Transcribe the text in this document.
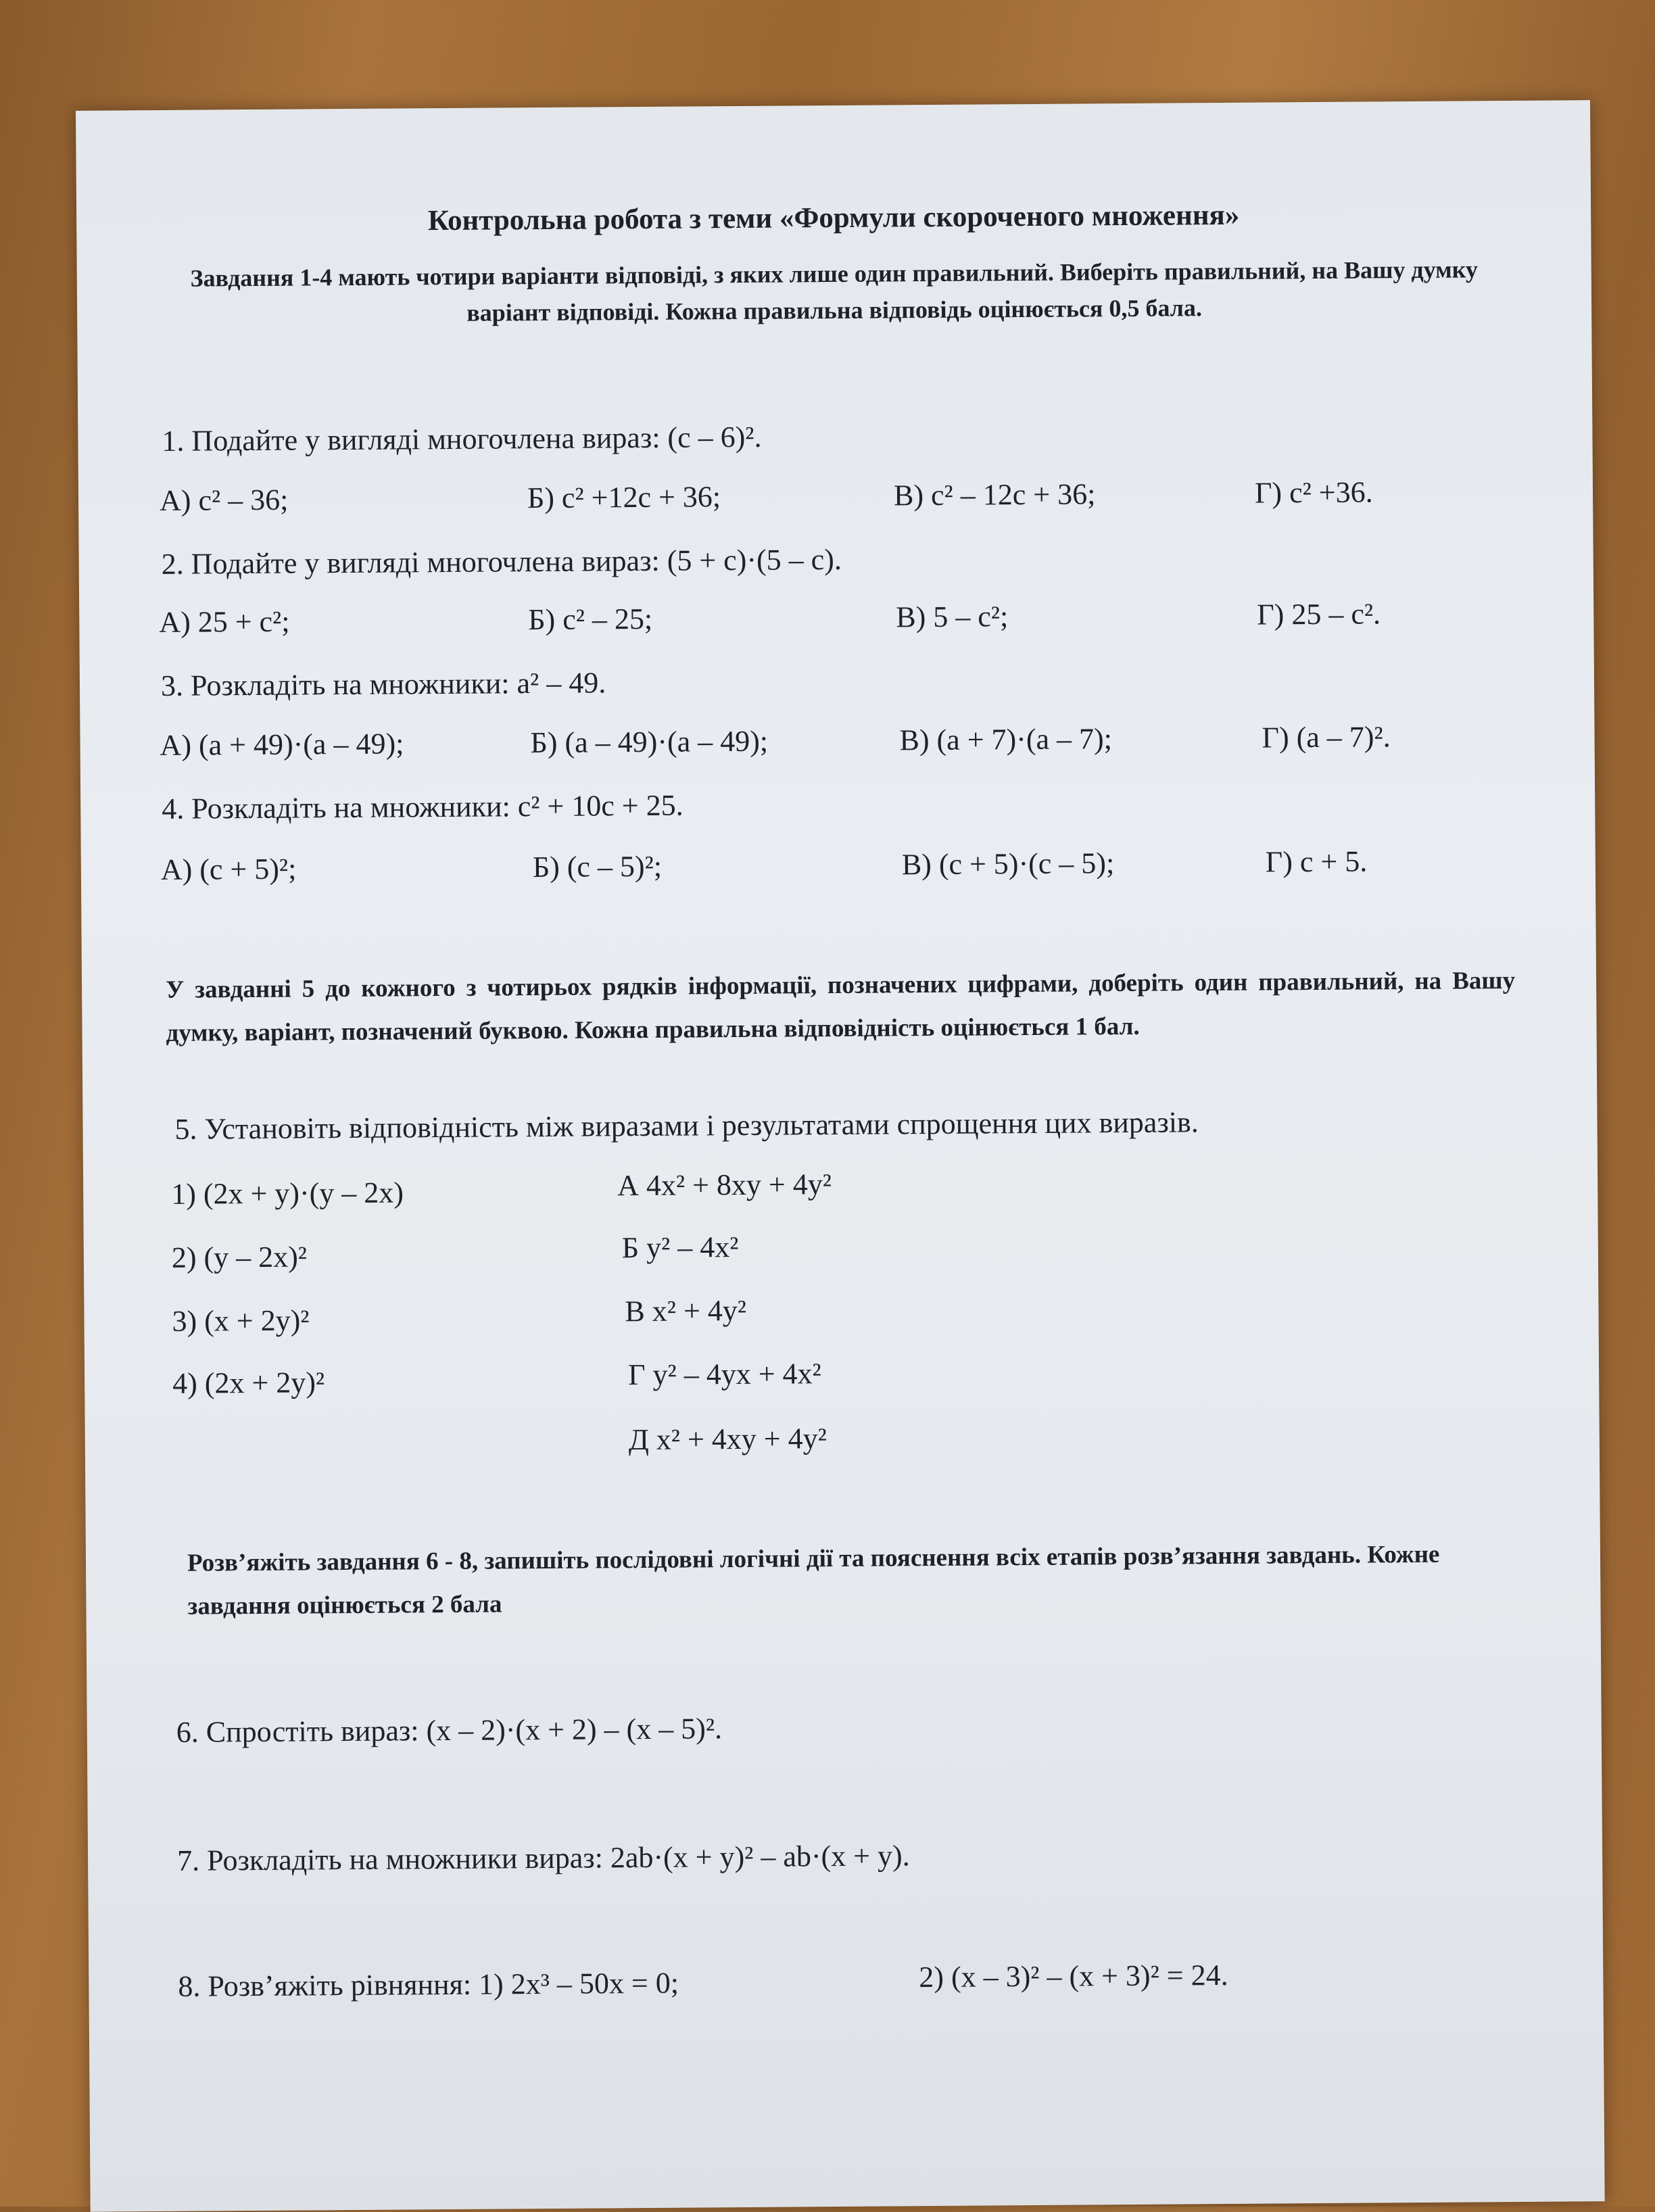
Контрольна робота з теми «Формули скороченого множення»
Завдання 1-4 мають чотири варіанти відповіді, з яких лише один правильний. Виберіть правильний, на Вашу думку варіант відповіді. Кожна правильна відповідь оцінюється 0,5 бала.
1. Подайте у вигляді многочлена вираз: (c – 6)².
А) c² – 36;	Б) c² +12c + 36;	В) c² – 12c + 36;	Г) c² +36.
2. Подайте у вигляді многочлена вираз: (5 + c)·(5 – c).
А) 25 + c²;	Б) c² – 25;	В) 5 – c²;	Г) 25 – c².
3. Розкладіть на множники: a² – 49.
А) (a + 49)·(a – 49);	Б) (a – 49)·(a – 49);	В) (a + 7)·(a – 7);	Г) (a – 7)².
4. Розкладіть на множники: c² + 10c + 25.
А) (c + 5)²;	Б) (c – 5)²;	В) (c + 5)·(c – 5);	Г) c + 5.
У завданні 5 до кожного з чотирьох рядків інформації, позначених цифрами, доберіть один правильний, на Вашу думку, варіант, позначений буквою. Кожна правильна відповідність оцінюється 1 бал.
5. Установіть відповідність між виразами і результатами спрощення цих виразів.
1) (2x + y)·(y – 2x)
2) (y – 2x)²
3) (x + 2y)²
4) (2x + 2y)²
А 4x² + 8xy + 4y²
Б y² – 4x²
В x² + 4y²
Г y² – 4yx + 4x²
Д x² + 4xy + 4y²
Розв’яжіть завдання 6 - 8, запишіть послідовні логічні дії та пояснення всіх етапів розв’язання завдань. Кожне завдання оцінюється 2 бала
6. Спростіть вираз: (x – 2)·(x + 2) – (x – 5)².
7. Розкладіть на множники вираз: 2ab·(x + y)² – ab·(x + y).
8. Розв’яжіть рівняння: 1) 2x³ – 50x = 0;	2) (x – 3)² – (x + 3)² = 24.
